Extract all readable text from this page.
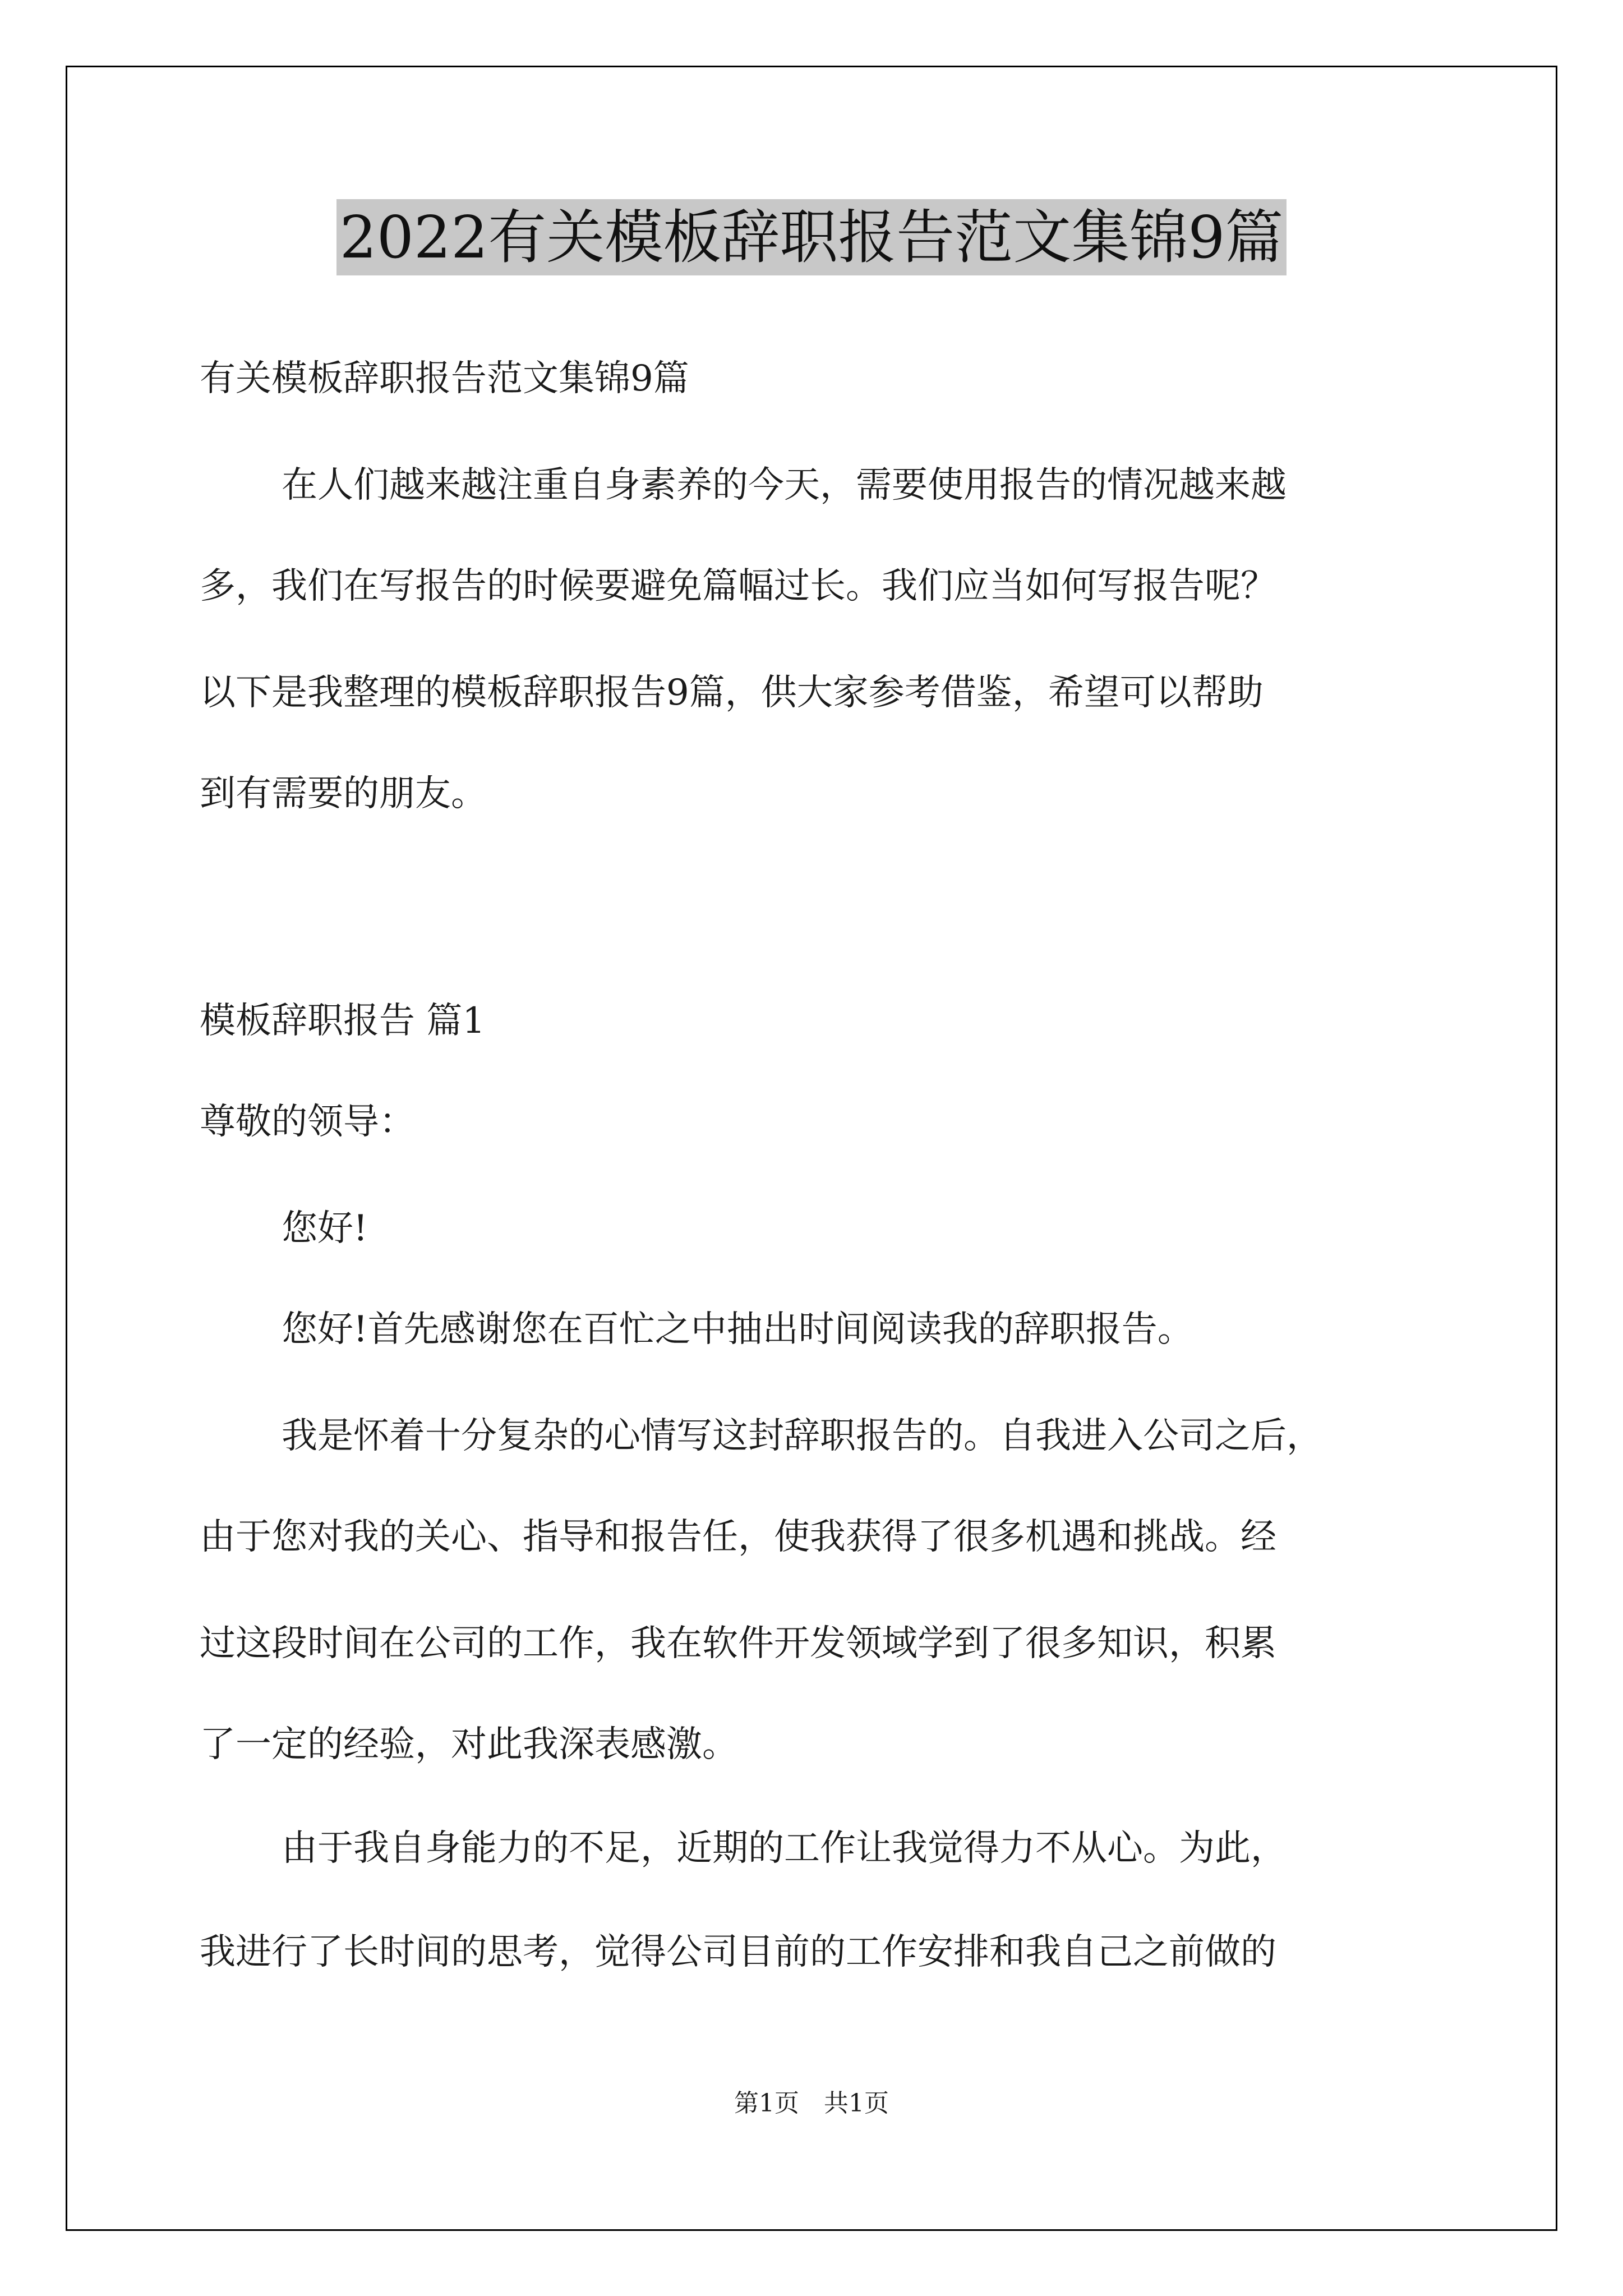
2022有关模板辞职报告范文集锦9篇
有关模板辞职报告范文集锦9篇
在人们越来越注重自身素养的今天，需要使用报告的情况越来越
多，我们在写报告的时候要避免篇幅过长。我们应当如何写报告呢？
以下是我整理的模板辞职报告9篇，供大家参考借鉴，希望可以帮助
到有需要的朋友。
模板辞职报告 篇1
尊敬的领导：
您好!
您好!首先感谢您在百忙之中抽出时间阅读我的辞职报告。
我是怀着十分复杂的心情写这封辞职报告的。自我进入公司之后，
由于您对我的关心、指导和报告任，使我获得了很多机遇和挑战。经
过这段时间在公司的工作，我在软件开发领域学到了很多知识，积累
了一定的经验，对此我深表感激。
由于我自身能力的不足，近期的工作让我觉得力不从心。为此，
我进行了长时间的思考，觉得公司目前的工作安排和我自己之前做的
第1页　共1页
